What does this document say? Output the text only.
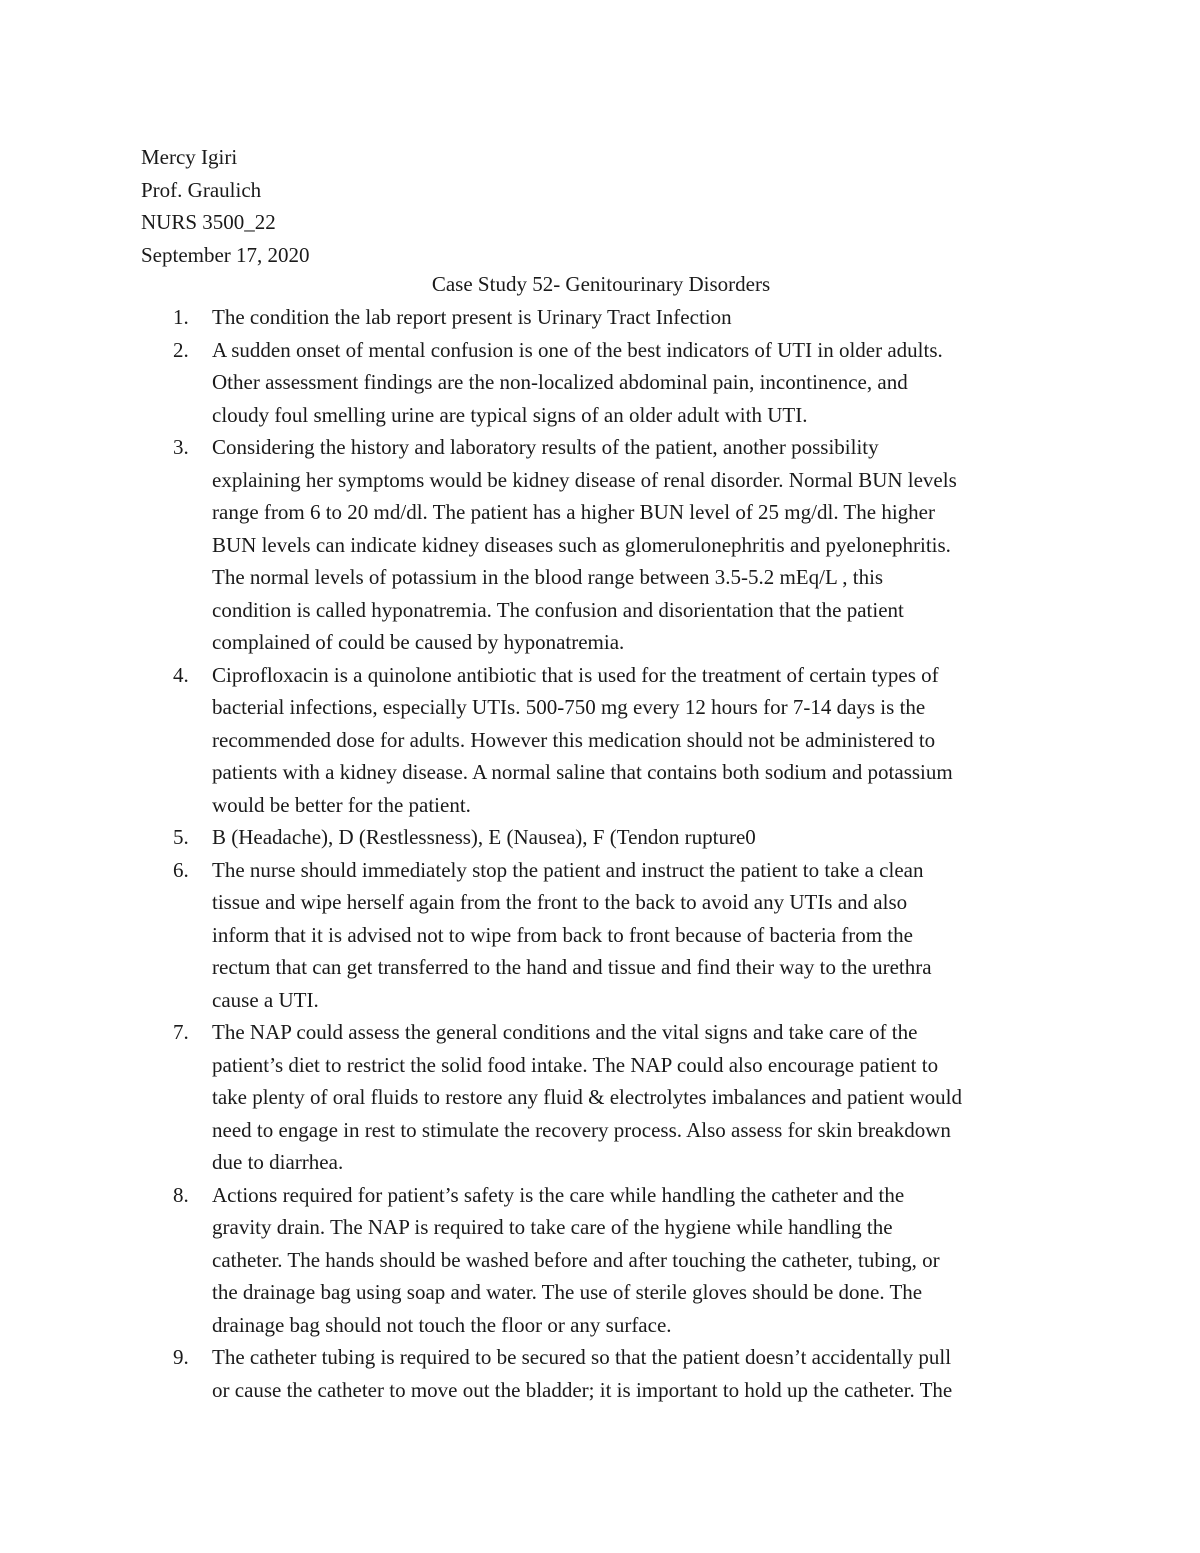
Mercy Igiri
Prof. Graulich
NURS 3500_22
September 17, 2020
Case Study 52- Genitourinary Disorders
1.	The condition the lab report present is Urinary Tract Infection
2.	A sudden onset of mental confusion is one of the best indicators of UTI in older adults.
Other assessment findings are the non-localized abdominal pain, incontinence, and
cloudy foul smelling urine are typical signs of an older adult with UTI.
3.	Considering the history and laboratory results of the patient, another possibility
explaining her symptoms would be kidney disease of renal disorder. Normal BUN levels
range from 6 to 20 md/dl. The patient has a higher BUN level of 25 mg/dl. The higher
BUN levels can indicate kidney diseases such as glomerulonephritis and pyelonephritis.
The normal levels of potassium in the blood range between 3.5-5.2 mEq/L , this
condition is called hyponatremia. The confusion and disorientation that the patient
complained of could be caused by hyponatremia.
4.	Ciprofloxacin is a quinolone antibiotic that is used for the treatment of certain types of
bacterial infections, especially UTIs. 500-750 mg every 12 hours for 7-14 days is the
recommended dose for adults. However this medication should not be administered to
patients with a kidney disease. A normal saline that contains both sodium and potassium
would be better for the patient.
5.	B (Headache), D (Restlessness), E (Nausea), F (Tendon rupture0
6.	The nurse should immediately stop the patient and instruct the patient to take a clean
tissue and wipe herself again from the front to the back to avoid any UTIs and also
inform that it is advised not to wipe from back to front because of bacteria from the
rectum that can get transferred to the hand and tissue and find their way to the urethra
cause a UTI.
7.	The NAP could assess the general conditions and the vital signs and take care of the
patient’s diet to restrict the solid food intake. The NAP could also encourage patient to
take plenty of oral fluids to restore any fluid & electrolytes imbalances and patient would
need to engage in rest to stimulate the recovery process. Also assess for skin breakdown
due to diarrhea.
8.	Actions required for patient’s safety is the care while handling the catheter and the
gravity drain. The NAP is required to take care of the hygiene while handling the
catheter. The hands should be washed before and after touching the catheter, tubing, or
the drainage bag using soap and water. The use of sterile gloves should be done. The
drainage bag should not touch the floor or any surface.
9.	The catheter tubing is required to be secured so that the patient doesn’t accidentally pull
or cause the catheter to move out the bladder; it is important to hold up the catheter. The
